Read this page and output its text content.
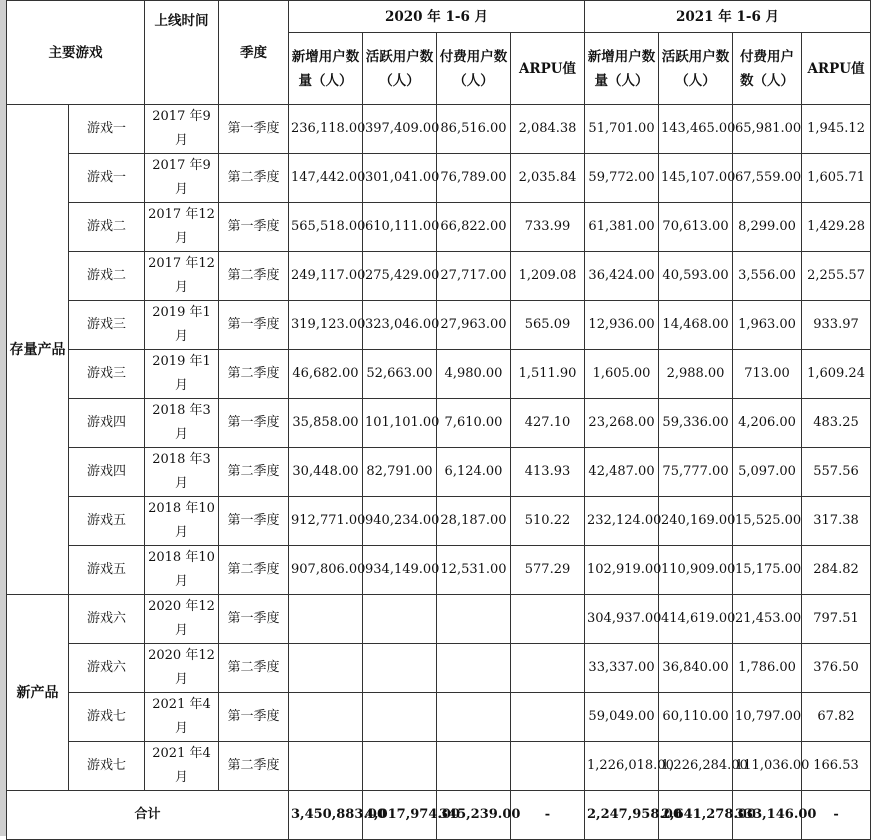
主要游戏		上线时间	季度	2020 年 1-6 月				2021 年 1-6 月			
				新增用户数量（人）	活跃用户数（人）	付费用户数（人）	ARPU值	新增用户数量（人）	活跃用户数（人）	付费用户数（人）	ARPU值
存量产品	游戏一	2017 年9 月	第一季度	236,118.00	397,409.00	86,516.00	2,084.38	51,701.00	143,465.00	65,981.00	1,945.12
	游戏一	2017 年9 月	第二季度	147,442.00	301,041.00	76,789.00	2,035.84	59,772.00	145,107.00	67,559.00	1,605.71
	游戏二	2017 年12 月	第一季度	565,518.00	610,111.00	66,822.00	733.99	61,381.00	70,613.00	8,299.00	1,429.28
	游戏二	2017 年12 月	第二季度	249,117.00	275,429.00	27,717.00	1,209.08	36,424.00	40,593.00	3,556.00	2,255.57
	游戏三	2019 年1 月	第一季度	319,123.00	323,046.00	27,963.00	565.09	12,936.00	14,468.00	1,963.00	933.97
	游戏三	2019 年1 月	第二季度	46,682.00	52,663.00	4,980.00	1,511.90	1,605.00	2,988.00	713.00	1,609.24
	游戏四	2018 年3 月	第一季度	35,858.00	101,101.00	7,610.00	427.10	23,268.00	59,336.00	4,206.00	483.25
	游戏四	2018 年3 月	第二季度	30,448.00	82,791.00	6,124.00	413.93	42,487.00	75,777.00	5,097.00	557.56
	游戏五	2018 年10 月	第一季度	912,771.00	940,234.00	28,187.00	510.22	232,124.00	240,169.00	15,525.00	317.38
	游戏五	2018 年10 月	第二季度	907,806.00	934,149.00	12,531.00	577.29	102,919.00	110,909.00	15,175.00	284.82
新产品	游戏六	2020 年12 月	第一季度					304,937.00	414,619.00	21,453.00	797.51
	游戏六	2020 年12 月	第二季度					33,337.00	36,840.00	1,786.00	376.50
	游戏七	2021 年4 月	第一季度					59,049.00	60,110.00	10,797.00	67.82
	游戏七	2021 年4 月	第二季度					1,226,018.00	1,226,284.00	111,036.00	166.53
合计				3,450,883.00	4,017,974.00	345,239.00	-	2,247,958.00	2,641,278.00	333,146.00	-
